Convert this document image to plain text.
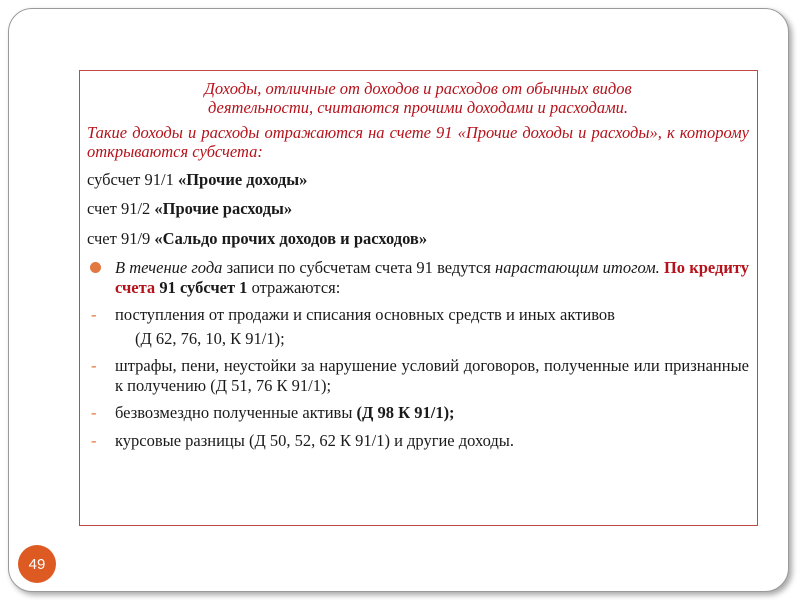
Доходы, отличные от доходов и расходов от обычных видов
деятельности, считаются прочими доходами и расходами.
Такие доходы и расходы отражаются на счете 91 «Прочие доходы и расходы», к которому открываются субсчета:
субсчет 91/1 «Прочие доходы»
счет 91/2 «Прочие расходы»
счет 91/9 «Сальдо прочих доходов и расходов»
В течение года записи по субсчетам счета 91 ведутся нарастающим итогом. По кредиту счета 91 субсчет 1 отражаются:
- поступления от продажи и списания основных средств и иных активов
(Д 62, 76, 10, К 91/1);
- штрафы, пени, неустойки за нарушение условий договоров, полученные или признанные к получению (Д 51, 76 К 91/1);
- безвозмездно полученные активы (Д 98 К 91/1);
- курсовые разницы (Д 50, 52, 62 К 91/1) и другие доходы.
49
